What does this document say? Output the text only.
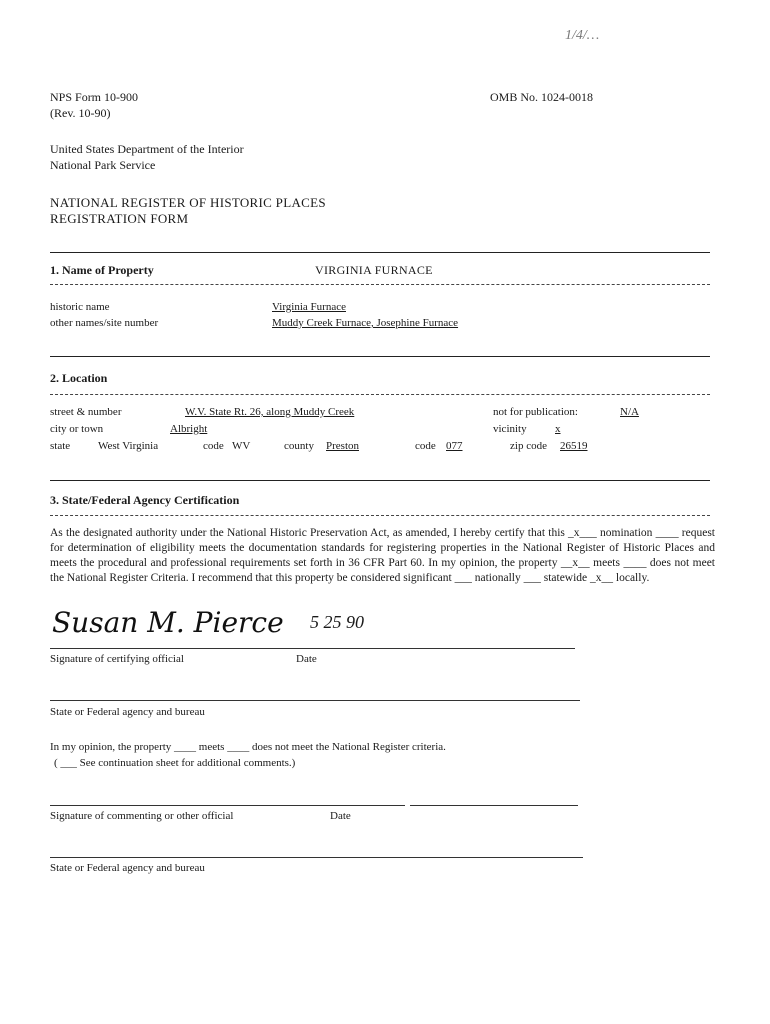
1/4/…
NPS Form 10-900
(Rev. 10-90)
OMB No. 1024-0018
United States Department of the Interior
National Park Service
NATIONAL REGISTER OF HISTORIC PLACES
REGISTRATION FORM
1. Name of Property	VIRGINIA FURNACE
historic name	Virginia Furnace
other names/site number	Muddy Creek Furnace, Josephine Furnace
2. Location
street & number	W.V. State Rt. 26, along Muddy Creek	not for publication:	N/A
city or town	Albright	vicinity	x
state	West Virginia	code WV	county Preston	code 077	zip code 26519
3. State/Federal Agency Certification
As the designated authority under the National Historic Preservation Act, as amended, I hereby certify that this _x___ nomination ____ request for determination of eligibility meets the documentation standards for registering properties in the National Register of Historic Places and meets the procedural and professional requirements set forth in 36 CFR Part 60. In my opinion, the property __x__ meets ____ does not meet the National Register Criteria. I recommend that this property be considered significant ___ nationally ___ statewide _x__ locally.
Susan M. Pierce 5 25 90
Signature of certifying official	Date
State or Federal agency and bureau
In my opinion, the property ____ meets ____ does not meet the National Register criteria.
( ___ See continuation sheet for additional comments.)
Signature of commenting or other official	Date
State or Federal agency and bureau
